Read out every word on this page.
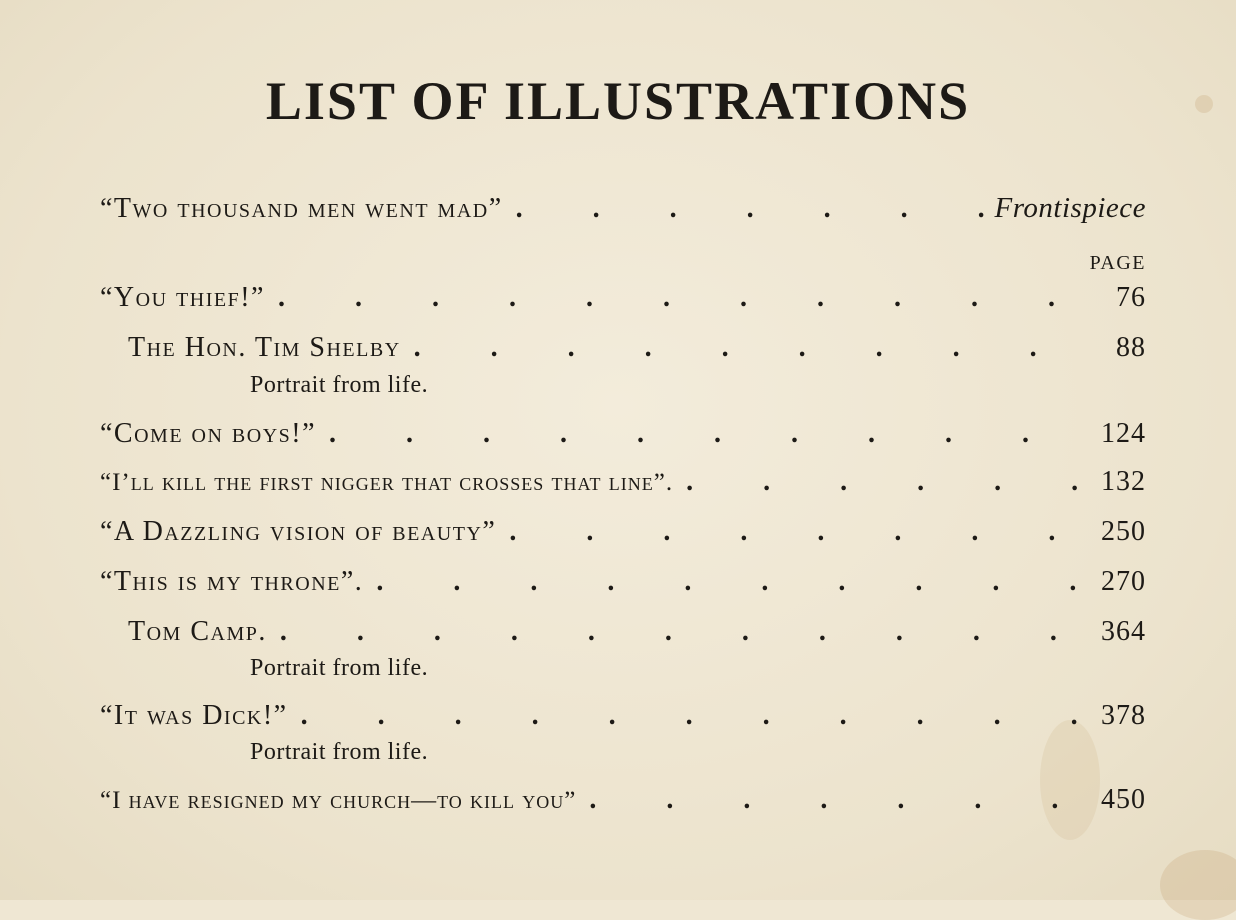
LIST OF ILLUSTRATIONS
“Two thousand men went mad” .	Frontispiece
PAGE
“You thief!” .	76
The Hon. Tim Shelby .	88
Portrait from life.
“Come on boys!” .	124
“I’ll kill the first nigger that crosses that line”. .	132
“A Dazzling vision of beauty” .	250
“This is my throne”. .	270
Tom Camp. .	364
Portrait from life.
“It was Dick!” .	378
Portrait from life.
“I have resigned my church—to kill you” .	450
